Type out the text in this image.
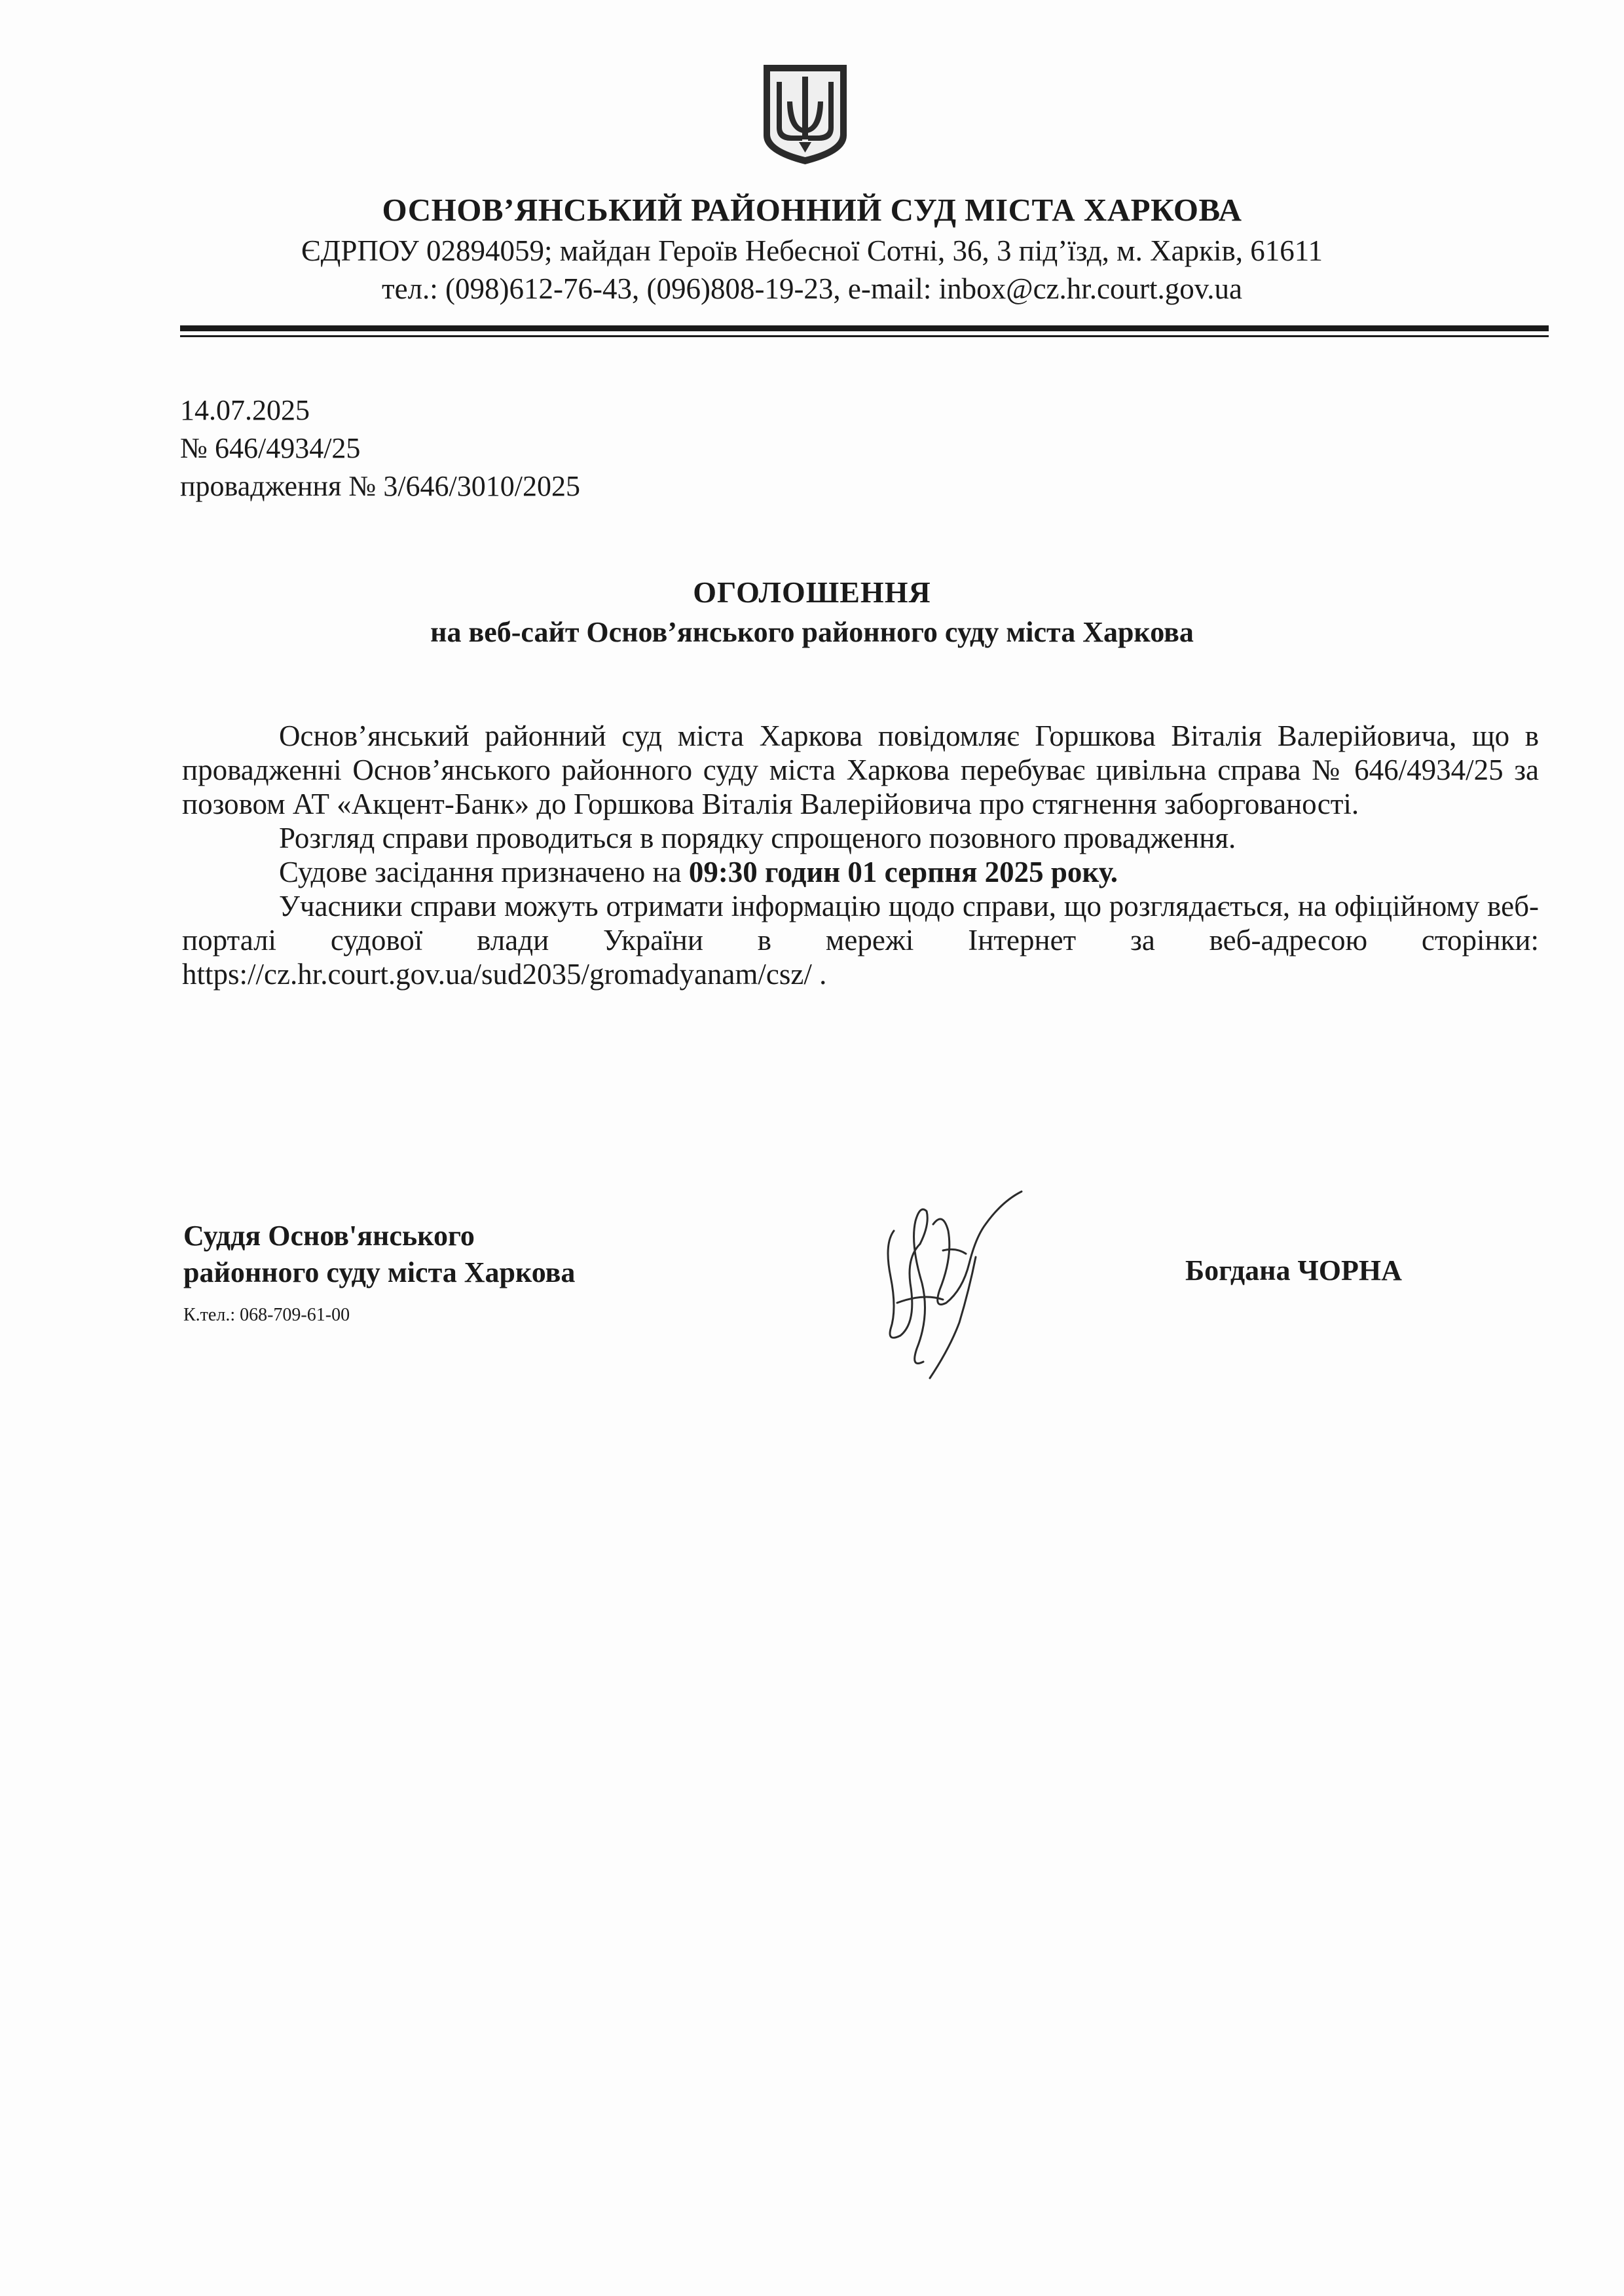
ОСНОВ’ЯНСЬКИЙ РАЙОННИЙ СУД МІСТА ХАРКОВА
ЄДРПОУ 02894059; майдан Героїв Небесної Сотні, 36, 3 під’їзд, м. Харків, 61611
тел.: (098)612-76-43, (096)808-19-23, e-mail: inbox@cz.hr.court.gov.ua
14.07.2025
№ 646/4934/25
провадження № 3/646/3010/2025
ОГОЛОШЕННЯ
на веб-сайт Основ’янського районного суду міста Харкова

Основ’янський районний суд міста Харкова повідомляє Горшкова Віталія Валерійовича, що в провадженні Основ’янського районного суду міста Харкова перебуває цивільна справа № 646/4934/25 за позовом АТ «Акцент-Банк» до Горшкова Віталія Валерійовича про стягнення заборгованості.

Розгляд справи проводиться в порядку спрощеного позовного провадження.

Судове засідання призначено на 09:30 годин 01 серпня 2025 року.

Учасники справи можуть отримати інформацію щодо справи, що розглядається, на офіційному веб-порталі судової влади України в мережі Інтернет за веб-адресою сторінки: https://cz.hr.court.gov.ua/sud2035/gromadyanam/csz/ .

Суддя Основ'янського
районного суду міста Харкова
К.тел.: 068-709-61-00
Богдана ЧОРНА
